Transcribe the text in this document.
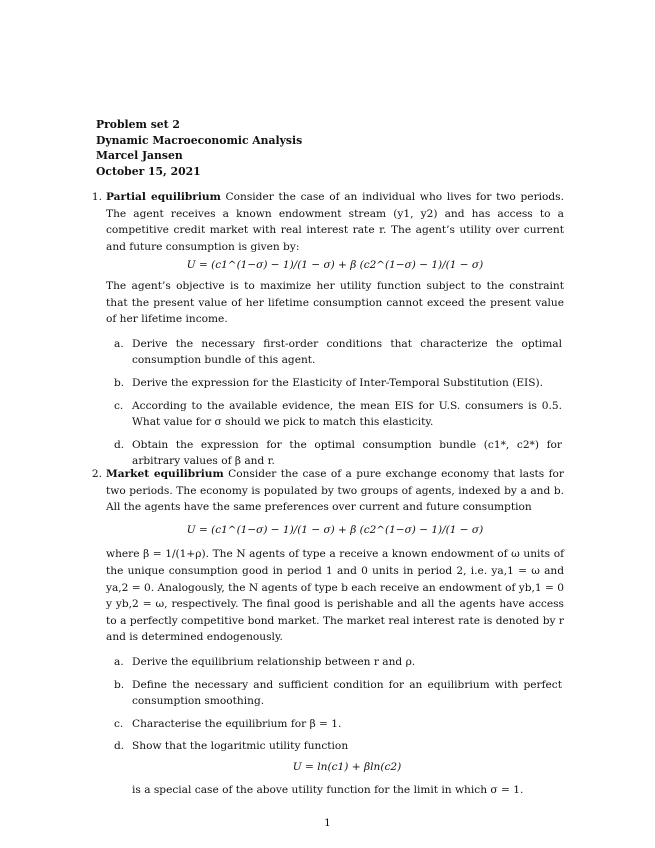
Problem set 2
Dynamic Macroeconomic Analysis
Marcel Jansen
October 15, 2021
1. Partial equilibrium Consider the case of an individual who lives for two periods. The agent receives a known endowment stream (y1, y2) and has access to a competitive credit market with real interest rate r. The agent’s utility over current and future consumption is given by:
U = (c1^(1−σ) − 1)/(1 − σ) + β (c2^(1−σ) − 1)/(1 − σ)
The agent’s objective is to maximize her utility function subject to the constraint that the present value of her lifetime consumption cannot exceed the present value of her lifetime income.
a. Derive the necessary first-order conditions that characterize the optimal consumption bundle of this agent.
b. Derive the expression for the Elasticity of Inter-Temporal Substitution (EIS).
c. According to the available evidence, the mean EIS for U.S. consumers is 0.5. What value for σ should we pick to match this elasticity.
d. Obtain the expression for the optimal consumption bundle (c1*, c2*) for arbitrary values of β and r.
2. Market equilibrium Consider the case of a pure exchange economy that lasts for two periods. The economy is populated by two groups of agents, indexed by a and b. All the agents have the same preferences over current and future consumption
U = (c1^(1−σ) − 1)/(1 − σ) + β (c2^(1−σ) − 1)/(1 − σ)
where β = 1/(1+ρ). The N agents of type a receive a known endowment of ω units of the unique consumption good in period 1 and 0 units in period 2, i.e. ya,1 = ω and ya,2 = 0. Analogously, the N agents of type b each receive an endowment of yb,1 = 0 y yb,2 = ω, respectively. The final good is perishable and all the agents have access to a perfectly competitive bond market. The market real interest rate is denoted by r and is determined endogenously.
a. Derive the equilibrium relationship between r and ρ.
b. Define the necessary and sufficient condition for an equilibrium with perfect consumption smoothing.
c. Characterise the equilibrium for β = 1.
d. Show that the logaritmic utility function
U = ln(c1) + βln(c2)
is a special case of the above utility function for the limit in which σ = 1.
1
